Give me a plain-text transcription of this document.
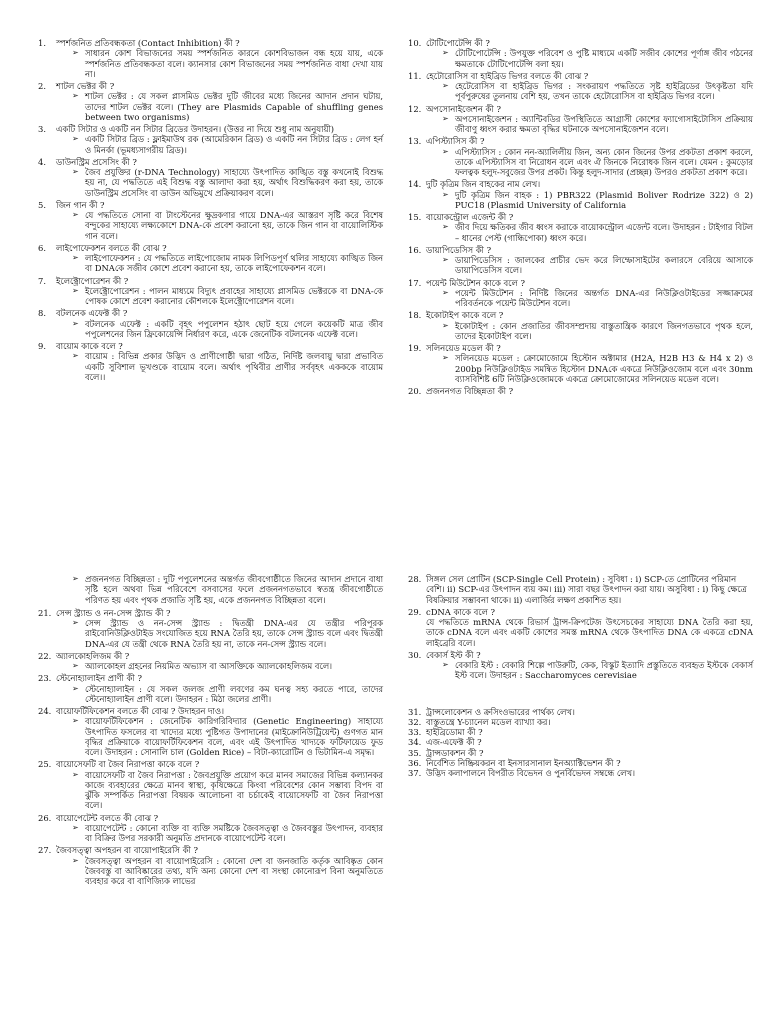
1.	স্পর্শজনিত প্রতিবন্ধকতা (Contact Inhibition) কী ?
➢ সাধারন কোশ বিভাজনের সময় স্পর্শজনিত কারনে কোশবিভাজন বন্ধ হয়ে যায়, একে স্পর্শজনিত প্রতিবন্ধকতা বলে। ক্যানসার কোশ বিভাজনের সময় স্পর্শজনিত বাধা দেখা যায় না।
2.	শাটল ভেক্টর কী ?
➢ শাটল ভেক্টর : যে সকল প্লাসমিড ভেক্টর দুটি জীবের মধ্যে জিনের আদান প্রদান ঘটায়, তাদের শাটল ভেক্টর বলে। (They are Plasmids Capable of shuffling genes between two organisms)
3.	একটি সিটার ও একটি নন সিটার ব্রিডের উদাহরন। (উত্তর না দিয়ে শুধু নাম অনুযায়ী)
➢ একটি সিটার ব্রিড : ফ্লাইমাউথ রক (আমেরিকান ব্রিড) ও একটি নন সিটার ব্রিড : লেগ হর্ন ও মিনর্কা (ভূমধ্যসাগরীয় ব্রিড)।
4.	ডাউনস্ট্রিম প্রসেসিং কী ?
➢ জৈব প্রযুক্তির (r-DNA Technology) সাহায্যে উৎপাদিত কাঙ্খিত বস্তু কখনোই বিশুদ্ধ হয় না, যে পদ্ধতিতে এই বিশুদ্ধ বস্তু আলাদা করা হয়, অর্থাৎ বিশুদ্ধিকরণ করা হয়, তাকে ডাউনস্ট্রিম প্রসেসিং বা ডাউন অভিমুখে প্রক্রিয়াকরণ বলে।
5.	জিন গান কী ?
➢ যে পদ্ধতিতে সোনা বা টাংস্টেনের ক্ষুদ্রকণার গায়ে DNA-এর আস্তরণ সৃষ্টি করে বিশেষ বন্দুকের সাহায্যে লক্ষ্যকোশে DNA-কে প্রবেশ করানো হয়, তাকে জিন গান বা বায়োলিস্টিক গান বলে।
6.	লাইপোফেকশন বলতে কী বোঝ ?
➢ লাইপোফেকশন : যে পদ্ধতিতে লাইপোজোম নামক লিপিডপূর্ণ থলির সাহায্যে কাঙ্খিত জিন বা DNAকে সজীব কোশে প্রবেশ করানো হয়, তাকে লাইপোফেকশন বলে।
7.	ইলেক্ট্রোপোরেশন কী ?
➢ ইলেক্ট্রোপোরেশন : পালন মাধ্যমে বিদ্যুৎ প্রবাহের সাহায্যে প্লাসমিড ভেক্টরকে বা DNA-কে পোষক কোশে প্রবেশ করানোর কৌশলকে ইলেক্ট্রোপোরেশন বলে।
8.	বটলনেক এফেক্ট কী ?
➢ বটলনেক এফেক্ট : একটি বৃহৎ পপুলেশন হঠাৎ ছোট হয়ে গেলে কয়েকটি মাত্র জীব পপুলেশনের জিন ফ্রিকোয়েন্সি নির্ধারণ করে, একে জেনেটিক বটলনেক এফেক্ট বলে।
9.	বায়োম কাকে বলে ?
➢ বায়োম : বিভিন্ন প্রকার উদ্ভিদ ও প্রাণীগোষ্ঠী দ্বারা গঠিত, নির্দিষ্ট জলবায়ু দ্বারা প্রভাবিত একটি সুবিশাল ভূখণ্ডকে বায়োম বলে। অর্থাৎ পৃথিবীর প্রাণীর সর্ববৃহৎ একককে বায়োম বলে।।
10. টোটিপোটেন্সি কী ?
➢ টোটিপোটেন্সি : উপযুক্ত পরিবেশ ও পুষ্টি মাধ্যমে একটি সজীব কোশের পূর্ণাঙ্গ জীব গঠনের ক্ষমতাকে টোটিপোটেন্সি বলা হয়।
11. হেটোরোসিস বা হাইব্রিড ভিগর বলতে কী বোঝ ?
➢ হেটেরোসিস বা হাইব্রিড ভিগর : সংকরায়ণ পদ্ধতিতে সৃষ্ট হাইব্রিডের উৎকৃষ্টতা যদি পূর্বপুরুষের তুলনায় বেশি হয়, তখন তাকে হেটোরোসিস বা হাইব্রিড ভিগর বলে।
12. অপসোনাইজেশন কী ?
➢ অপসোনাইজেশন : অ্যান্টিবডির উপস্থিতিতে আগ্রাসী কোশের ফ্যাগোসাইটোসিস প্রক্রিয়ায় জীবাণু ধ্বংস করার ক্ষমতা বৃদ্ধির ঘটনাকে অপসোনাইজেশন বলে।
13. এপিস্ট্যাসিস কী ?
➢ এপিস্ট্যাসিস : কোন নন-অ্যালিলীয় জিন, অন্য কোন জিনের উপর প্রকটতা প্রকাশ করলে, তাকে এপিস্ট্যাসিস বা নিরোধন বলে এবং ঐ জিনকে নিরোধক জিন বলে। যেমন : কুমড়োর ফলত্বক হলুদ-সবুজের উপর প্রকট। কিন্তু হলুদ-সাদার (প্রচ্ছন্ন) উপরও প্রকটতা প্রকাশ করে।
14. দুটি কৃত্রিম জিন বাহকের নাম লেখ।
➢ দুটি কৃত্রিম জিন বাহক : 1) PBR322 (Plasmid Boliver Rodrize 322) ও 2) PUC18 (Plasmid University of California
15. বায়োকন্ট্রোল এজেন্ট কী ?
➢ জীব দিয়ে ক্ষতিকর জীব ধ্বংস করাকে বায়োকন্ট্রোল এজেন্ট বলে। উদাহরন : টাইগার বিটল – ধানের পেস্ট (গান্ধিপোকা) ধ্বংস করে।
16. ডায়াপিডেসিস কী ?
➢ ডায়াপিডেসিস : জালকের প্রাচীর ভেদ করে লিম্ফোসাইটের কলারসে বেরিয়ে আসাকে ডায়াপিডেসিস বলে।
17. পয়েন্ট মিউটেশন কাকে বলে ?
➢ পয়েন্ট মিউটেশন : নির্দিষ্ট জিনের অন্তর্গত DNA-এর নিউক্লিওটাইডের সজ্জাক্রমের পরিবর্তনকে পয়েন্ট মিউটেশন বলে।
18. ইকোটাইপ কাকে বলে ?
➢ ইকোটাইপ : কোন প্রজাতির জীবসম্প্রদায় বাস্তুতান্ত্রিক কারণে জিনগতভাবে পৃথক হলে, তাদের ইকোটাইপ বলে।
19. সলিনয়েড মডেল কী ?
➢ সলিনয়েড মডেল : ক্রোমোজোমে হিস্টোন অক্টামার (H2A, H2B H3 & H4 x 2) ও 200bp নিউক্লিওটাইড সমন্বিত হিস্টোন DNAকে একত্রে নিউক্লিওজোম বলে এবং 30nm ব্যাসবিশিষ্ট 6টি নিউক্লিওজোমকে একত্রে ক্রোমোজোমের সলিনয়েড মডেল বলে।
20. প্রজননগত বিচ্ছিন্নতা কী ?
➢ প্রজননগত বিচ্ছিন্নতা : দুটি পপুলেশনের অন্তর্গত জীবগোষ্ঠীতে জিনের আদান প্রদানে বাধা সৃষ্টি হলে অথবা ভিন্ন পরিবেশে বসবাসের ফলে প্রজননগতভাবে স্বতন্ত্র জীবগোষ্ঠীতে পরিণত হয় এবং পৃথক প্রজাতি সৃষ্টি হয়, একে প্রজননগত বিচ্ছিন্নতা বলে।
21. সেন্স স্ট্র্যান্ড ও নন-সেন্স স্ট্র্যান্ড কী ?
➢ সেন্স স্ট্র্যান্ড ও নন-সেন্স স্ট্র্যান্ড : দ্বিতন্ত্রী DNA-এর যে তন্ত্রীর পরিপূরক রাইবোনিউক্লিওটাইড সংযোজিত হয়ে RNA তৈরি হয়, তাকে সেন্স স্ট্র্যান্ড বলে এবং দ্বিতন্ত্রী DNA-এর যে তন্ত্রী থেকে RNA তৈরি হয় না, তাকে নন-সেন্স স্ট্র্যান্ড বলে।
22. অ্যালকোহলিজম কী ?
➢ অ্যালকোহল গ্রহনের নিয়মিত অভ্যাস বা আসক্তিকে অ্যালকোহলিজম বলে।
23. স্টেনোহ্যালাইন প্রাণী কী ?
➢ স্টেনোহ্যালাইন : যে সকল জলজ প্রাণী লবণের কম ঘনত্ব সহ্য করতে পারে, তাদের স্টেনোহ্যালাইন প্রাণী বলে। উদাহরন : মিঠা জলের প্রাণী।
24. বায়োফর্টিফিকেশন বলতে কী বোঝ ? উদাহরন দাও।
➢ বায়োফর্টিফিকেশন : জেনেটিক কারিগরিবিদ্যার (Genetic Engineering) সাহায্যে উৎপাদিত ফসলের বা খাদ্যের মধ্যে পুষ্টিগত উপাদানের (মাইক্রোনিউট্রিয়েন্ট) গুণগত মান বৃদ্ধির প্রক্রিয়াকে বায়োফর্টিফিকেশন বলে, এবং এই উৎপাদিত খাদ্যকে ফর্টিফায়েড ফুড বলে। উদাহরন : সোনালি চাল (Golden Rice) – বিটা-ক্যারোটিন ও ভিটামিন-এ সমৃদ্ধ।
25. বায়োসেফটি বা জৈব নিরাপত্তা কাকে বলে ?
➢ বায়োসেফটি বা জৈব নিরাপত্তা : জৈবপ্রযুক্তি প্রয়োগ করে মানব সমাজের বিভিন্ন কল্যানকর কাজে ব্যবহারের ক্ষেত্রে মানব স্বাস্থ্য, কৃষিক্ষেত্রে কিংবা পরিবেশের কোন সম্ভাব্য বিপদ বা ঝুঁকি সম্পর্কিত নিরাপত্তা বিষয়ক আলোচনা বা চর্চাকেই বায়োসেফটি বা জৈব নিরাপত্তা বলে।
26. বায়োপেটেন্ট বলতে কী বোঝ ?
➢ বায়োপেটেন্ট : কোনো ব্যক্তি বা ব্যক্তি সমষ্টিকে জৈবসত্ত্বা ও জৈববস্তুর উৎপাদন, ব্যবহার বা বিক্রির উপর সরকারী অনুমতি প্রদানকে বায়োপেটেন্ট বলে।
27. জৈবসত্ত্বা অপহরন বা বায়োপাইরেসি কী ?
➢ জৈবসত্ত্বা অপহরন বা বায়োপাইরেসি : কোনো দেশ বা জনজাতি কর্তৃক আবিষ্কৃত কোন জৈববস্তু বা আবিষ্কারের তথ্য, যদি অন্য কোনো দেশ বা সংস্থা কোনোরূপ বিনা অনুমতিতে ব্যবহার করে বা বাণিজ্যিক লাভের
28. সিঙ্গল সেল প্রোটিন (SCP-Single Cell Protein) : সুবিধা : i) SCP-তে প্রোটিনের পরিমান বেশি। ii) SCP-এর উৎপাদন ব্যয় কম। iii) সারা বছর উৎপাদন করা যায়। অসুবিধা : i) কিছু ক্ষেত্রে বিষক্রিয়ার সম্ভাবনা থাকে। ii) এলার্জির লক্ষণ প্রকাশিত হয়।
29. cDNA কাকে বলে ?
যে পদ্ধতিতে mRNA থেকে রিভার্স ট্রান্স-ক্রিপটেজ উৎসেচকের সাহায্যে DNA তৈরি করা হয়, তাকে cDNA বলে এবং একটি কোশের সমস্ত mRNA থেকে উৎপাদিত DNA কে একত্রে cDNA লাইব্রেরি বলে।
30. বেকার্স ইস্ট কী ?
➢ বেকারি ইস্ট : বেকারি শিল্পে পাউরুটি, কেক, বিস্কুট ইত্যাদি প্রস্তুতিতে ব্যবহৃত ইস্টকে বেকার্স ইস্ট বলে। উদাহরন : Saccharomyces cerevisiae
31. ট্রান্সলোকেশন ও ক্রসিংওভারের পার্থক্য লেখ।
32. বাস্তুতন্ত্রে Y-চ্যানেল মডেল ব্যাখ্যা কর।
33. হাইব্রিডোমা কী ?
34. এজ-এফেক্ট কী ?
35. ট্রান্সডাকশন কী ?
36. নির্বেশিত নিষ্ক্রিয়করন বা ইনসারসানাল ইনঅ্যাক্টিভেশন কী ?
37. উদ্ভিদ কলাপালনে বিপরীত বিভেদন ও পুনর্বিভেদন সম্বন্ধে লেখ।
